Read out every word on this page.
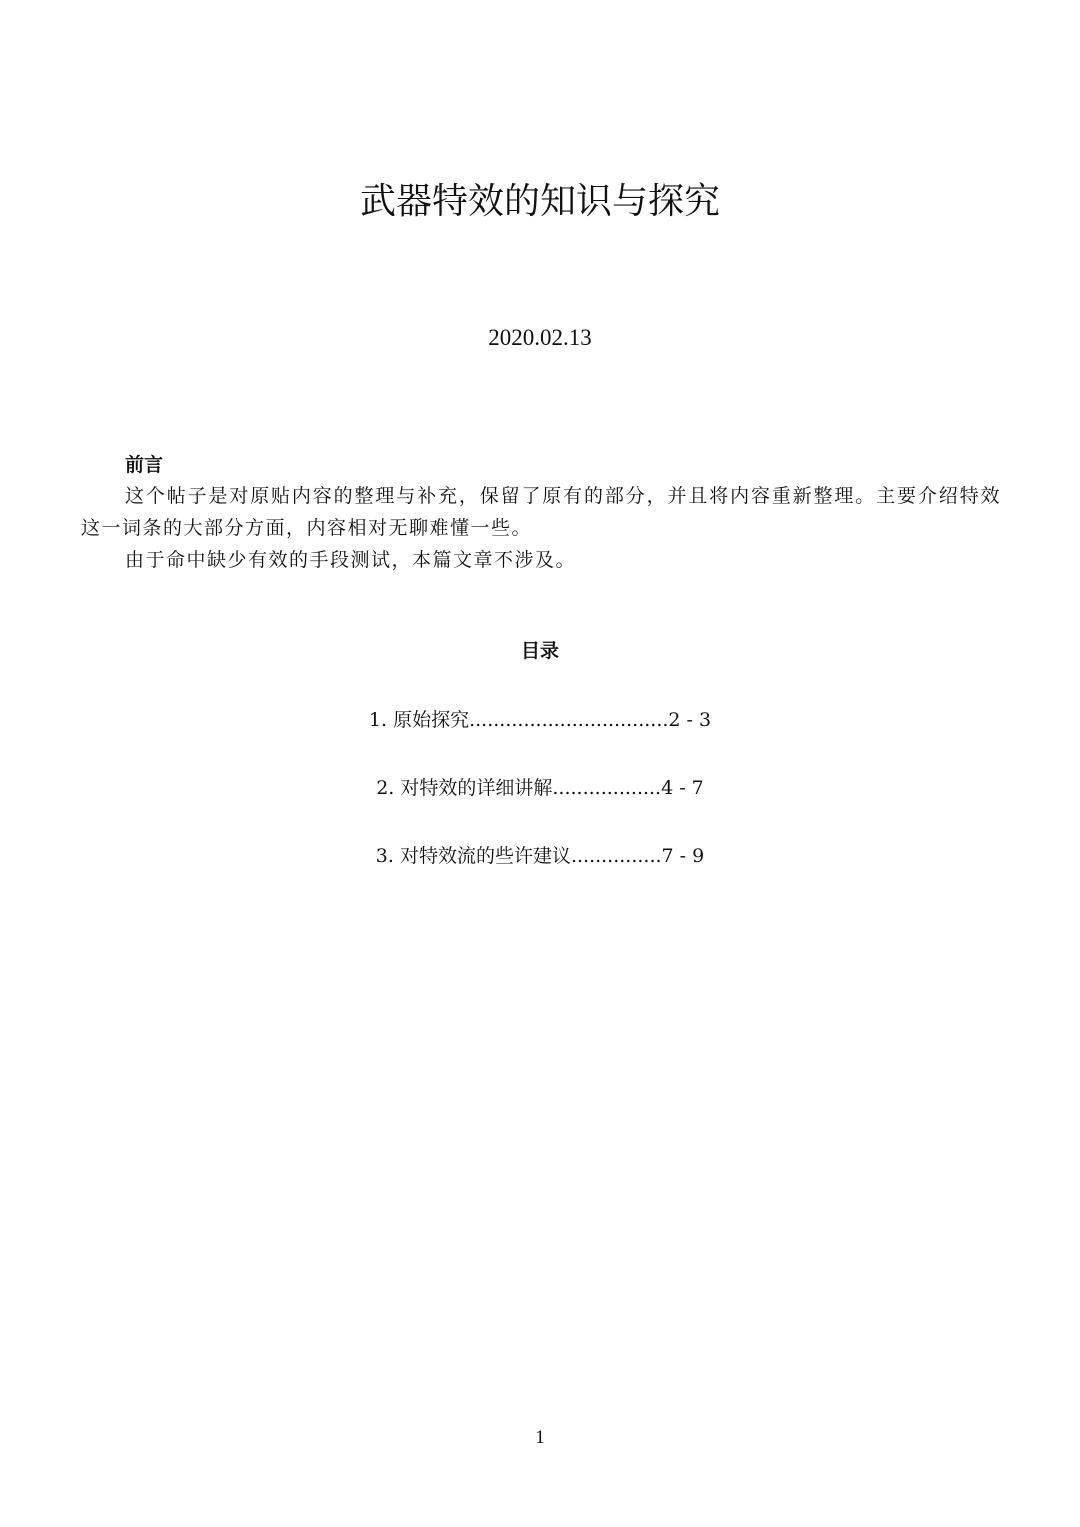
武器特效的知识与探究
2020.02.13

前言

这个帖子是对原贴内容的整理与补充，保留了原有的部分，并且将内容重新整理。主要介绍特效这一词条的大部分方面，内容相对无聊难懂一些。

由于命中缺少有效的手段测试，本篇文章不涉及。

目录
1. 原始探究.................................2 - 3
2. 对特效的详细讲解..................4 - 7
3. 对特效流的些许建议...............7 - 9
1
